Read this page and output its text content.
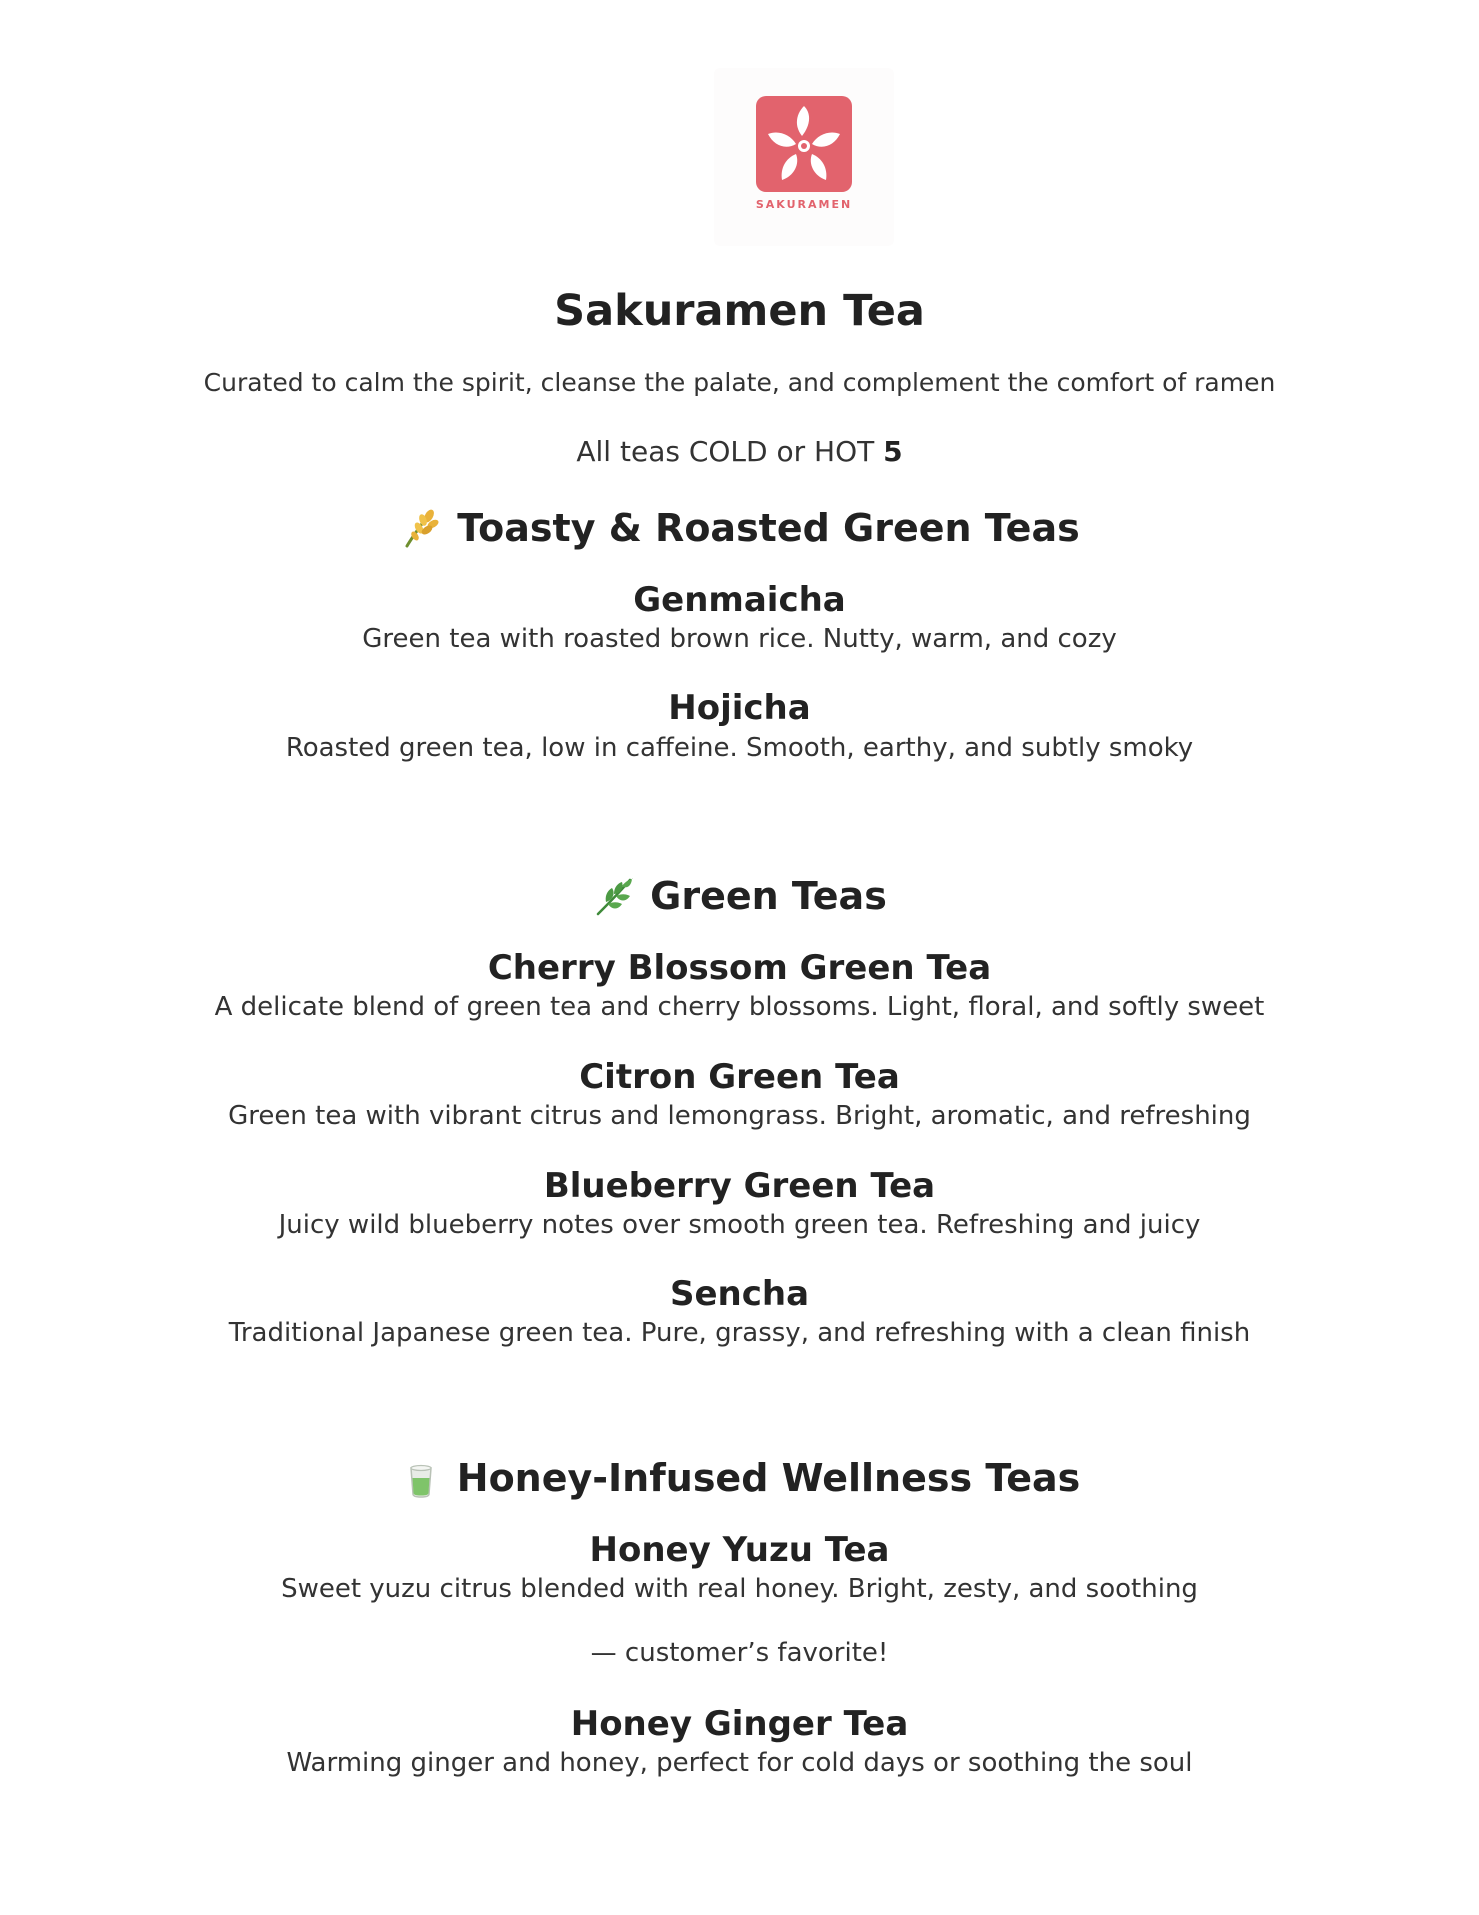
SAKURAMEN
Sakuramen Tea
Curated to calm the spirit, cleanse the palate, and complement the comfort of ramen
All teas COLD or HOT 5
Toasty & Roasted Green Teas
Genmaicha
Green tea with roasted brown rice. Nutty, warm, and cozy
Hojicha
Roasted green tea, low in caffeine. Smooth, earthy, and subtly smoky
Green Teas
Cherry Blossom Green Tea
A delicate blend of green tea and cherry blossoms. Light, floral, and softly sweet
Citron Green Tea
Green tea with vibrant citrus and lemongrass. Bright, aromatic, and refreshing
Blueberry Green Tea
Juicy wild blueberry notes over smooth green tea. Refreshing and juicy
Sencha
Traditional Japanese green tea. Pure, grassy, and refreshing with a clean finish
Honey-Infused Wellness Teas
Honey Yuzu Tea
Sweet yuzu citrus blended with real honey. Bright, zesty, and soothing
— customer’s favorite!
Honey Ginger Tea
Warming ginger and honey, perfect for cold days or soothing the soul
